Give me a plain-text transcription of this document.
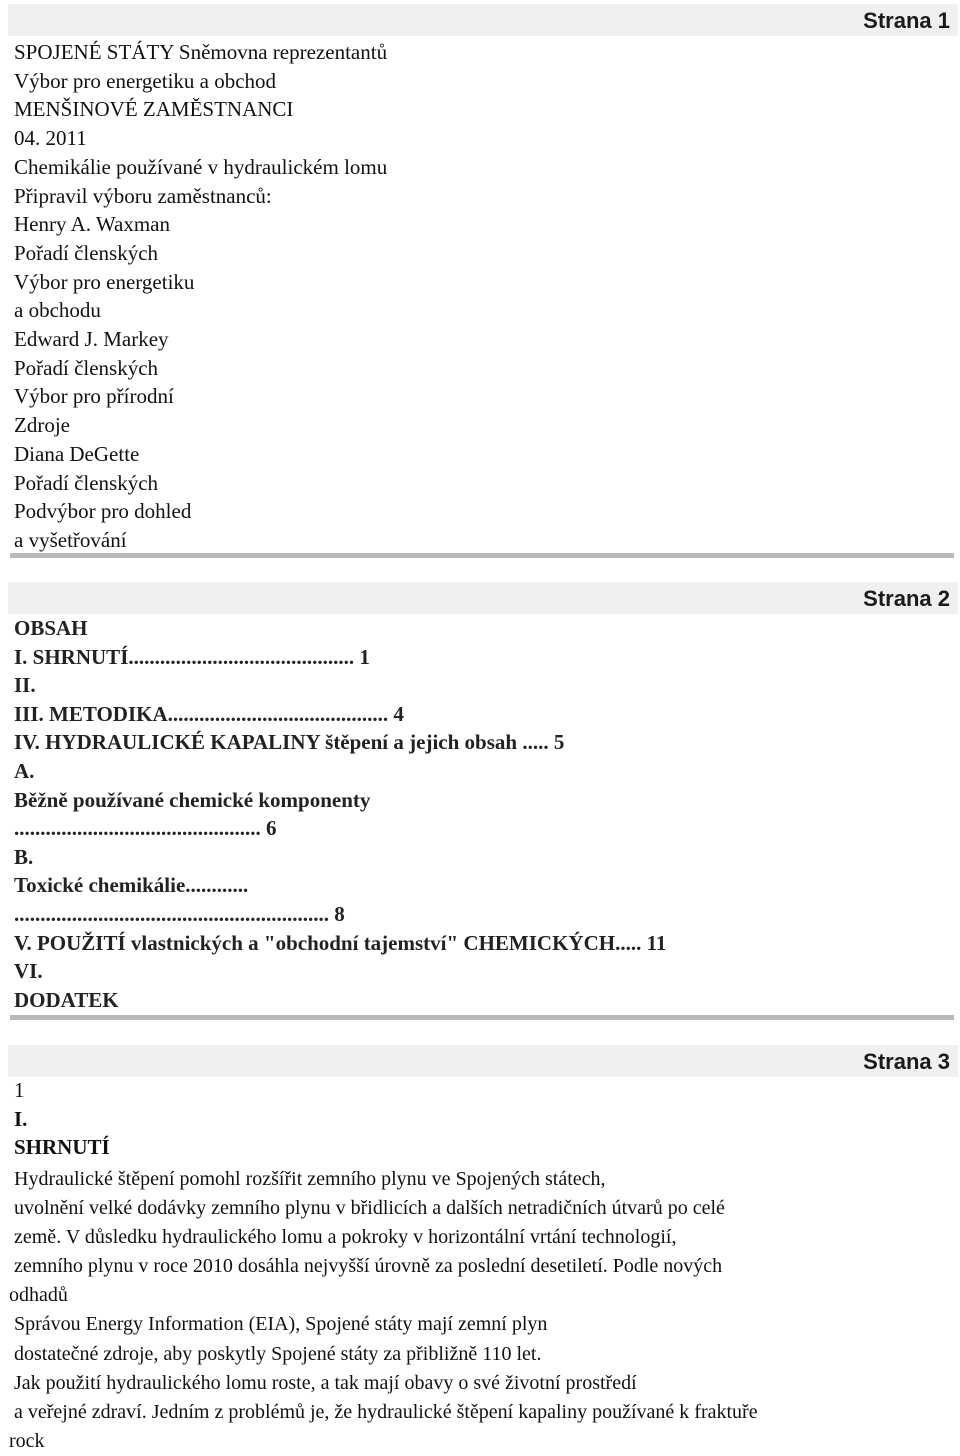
Strana 1
SPOJENÉ STÁTY Sněmovna reprezentantů
Výbor pro energetiku a obchod
MENŠINOVÉ ZAMĚSTNANCI
04. 2011
Chemikálie používané v hydraulickém lomu
Připravil výboru zaměstnanců:
Henry A. Waxman
Pořadí členských
Výbor pro energetiku
a obchodu
Edward J. Markey
Pořadí členských
Výbor pro přírodní
Zdroje
Diana DeGette
Pořadí členských
Podvýbor pro dohled
a vyšetřování
Strana 2
OBSAH
I. SHRNUTÍ........................................... 1
II.
III. METODIKA.......................................... 4
IV. HYDRAULICKÉ KAPALINY štěpení a jejich obsah ..... 5
A.
Běžně používané chemické komponenty
............................................... 6
B.
Toxické chemikálie............
............................................................ 8
V. POUŽITÍ vlastnických a "obchodní tajemství" CHEMICKÝCH..... 11
VI.
DODATEK
Strana 3
1
I.
SHRNUTÍ
Hydraulické štěpení pomohl rozšířit zemního plynu ve Spojených státech,
uvolnění velké dodávky zemního plynu v břidlicích a dalších netradičních útvarů po celé
země. V důsledku hydraulického lomu a pokroky v horizontální vrtání technologií,
zemního plynu v roce 2010 dosáhla nejvyšší úrovně za poslední desetiletí. Podle nových
odhadů
Správou Energy Information (EIA), Spojené státy mají zemní plyn
dostatečné zdroje, aby poskytly Spojené státy za přibližně 110 let.
Jak použití hydraulického lomu roste, a tak mají obavy o své životní prostředí
a veřejné zdraví. Jedním z problémů je, že hydraulické štěpení kapaliny používané k fraktuře
rock
